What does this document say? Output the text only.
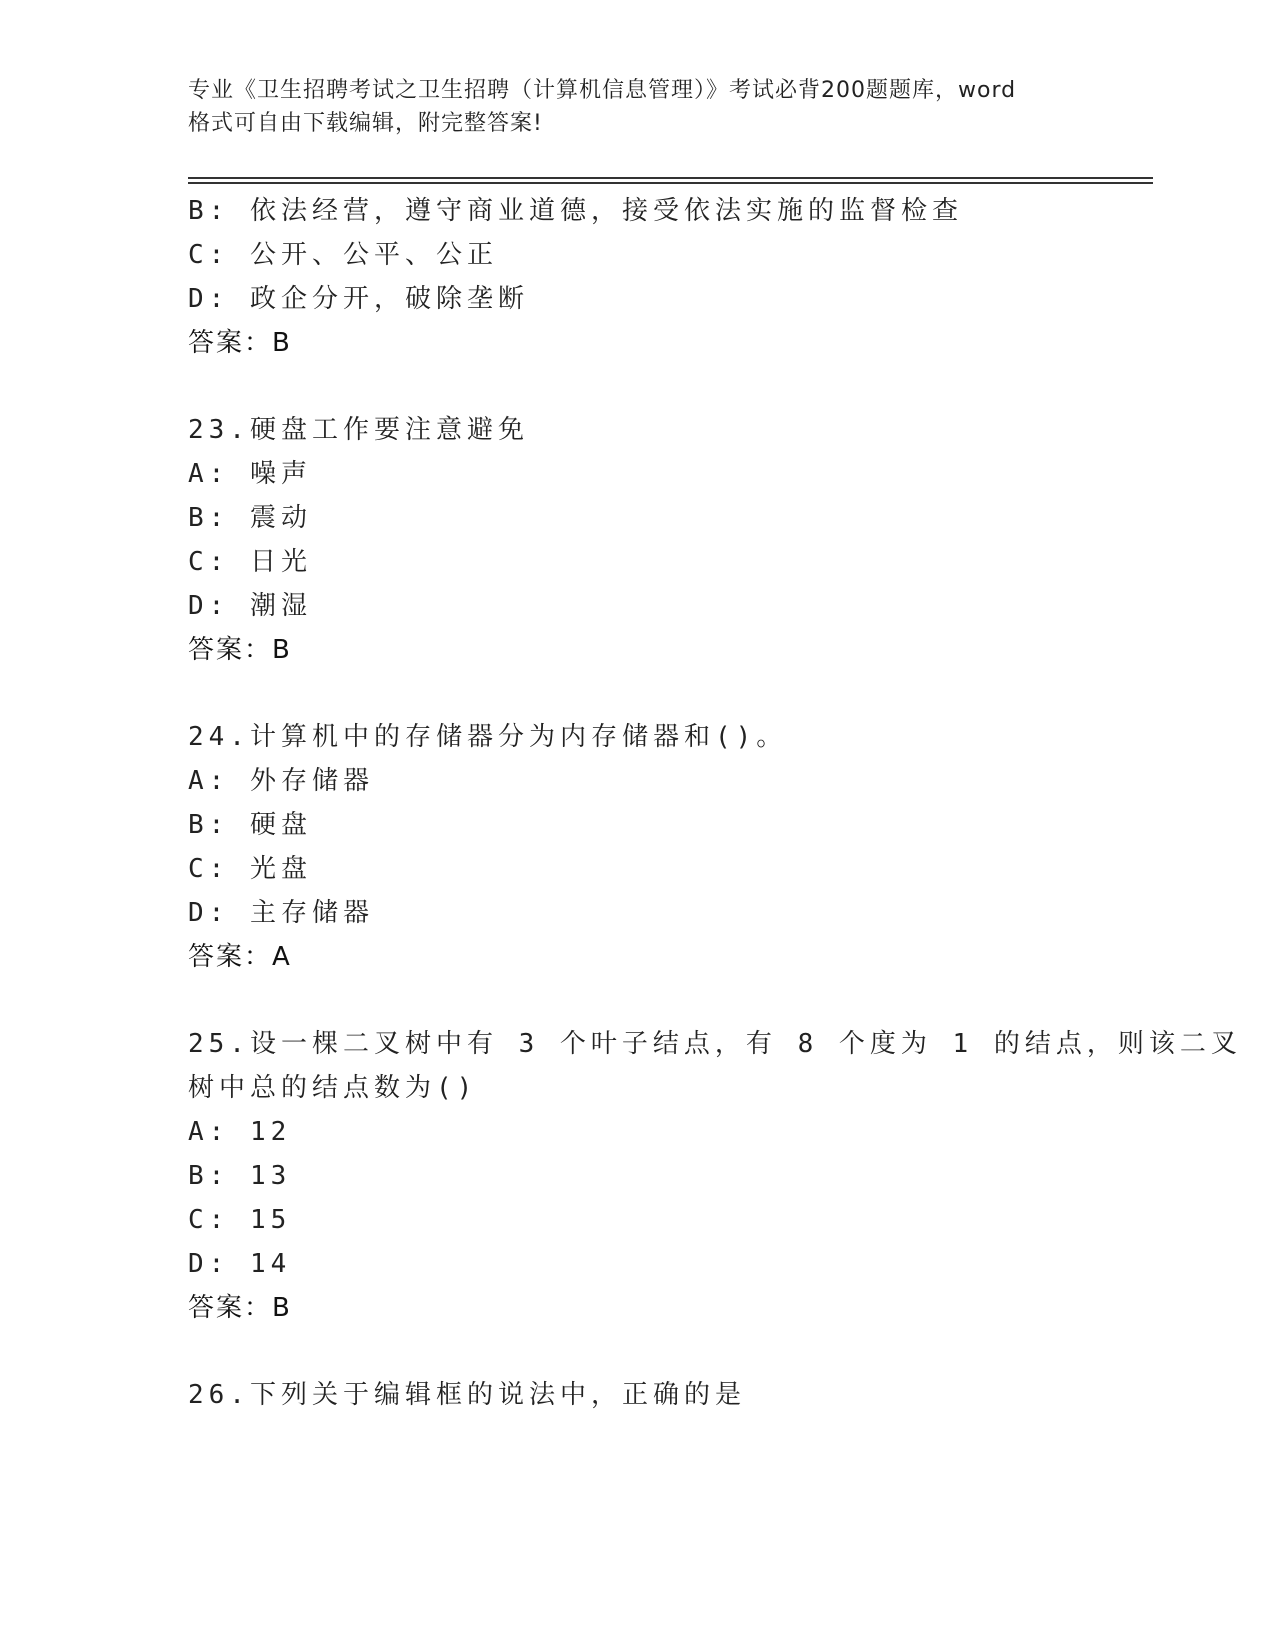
专业《卫生招聘考试之卫生招聘（计算机信息管理）》考试必背200题题库，word
格式可自由下载编辑，附完整答案!
B: 依法经营，遵守商业道德，接受依法实施的监督检查
C: 公开、公平、公正
D: 政企分开，破除垄断
答案：B
23.硬盘工作要注意避免
A: 噪声
B: 震动
C: 日光
D: 潮湿
答案：B
24.计算机中的存储器分为内存储器和()。
A: 外存储器
B: 硬盘
C: 光盘
D: 主存储器
答案：A
25.设一棵二叉树中有 3 个叶子结点，有 8 个度为 1 的结点，则该二叉
树中总的结点数为()
A: 12
B: 13
C: 15
D: 14
答案：B
26.下列关于编辑框的说法中，正确的是
